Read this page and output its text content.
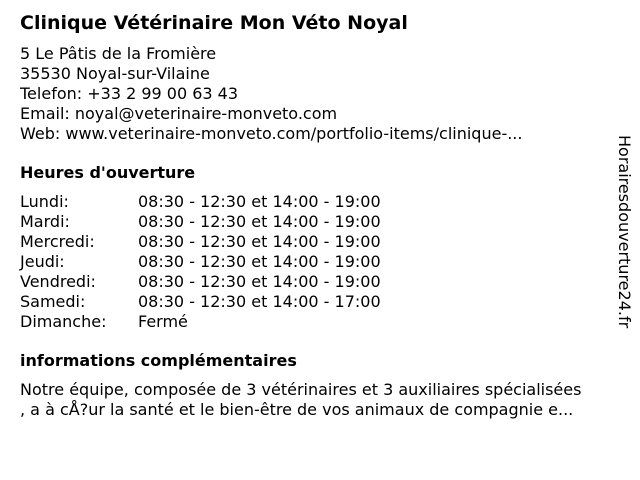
Clinique Vétérinaire Mon Véto Noyal
5 Le Pâtis de la Fromière
35530 Noyal-sur-Vilaine
Telefon: +33 2 99 00 63 43
Email: noyal@veterinaire-monveto.com
Web: www.veterinaire-monveto.com/portfolio-items/clinique-...
Heures d'ouverture
Lundi:	08:30 - 12:30 et 14:00 - 19:00
Mardi:	08:30 - 12:30 et 14:00 - 19:00
Mercredi:	08:30 - 12:30 et 14:00 - 19:00
Jeudi:	08:30 - 12:30 et 14:00 - 19:00
Vendredi:	08:30 - 12:30 et 14:00 - 19:00
Samedi:	08:30 - 12:30 et 14:00 - 17:00
Dimanche:	Fermé
informations complémentaires
Notre équipe, composée de 3 vétérinaires et 3 auxiliaires spécialisées
, a à cÅ?ur la santé et le bien-être de vos animaux de compagnie e...
Horairesdouverture24.fr
